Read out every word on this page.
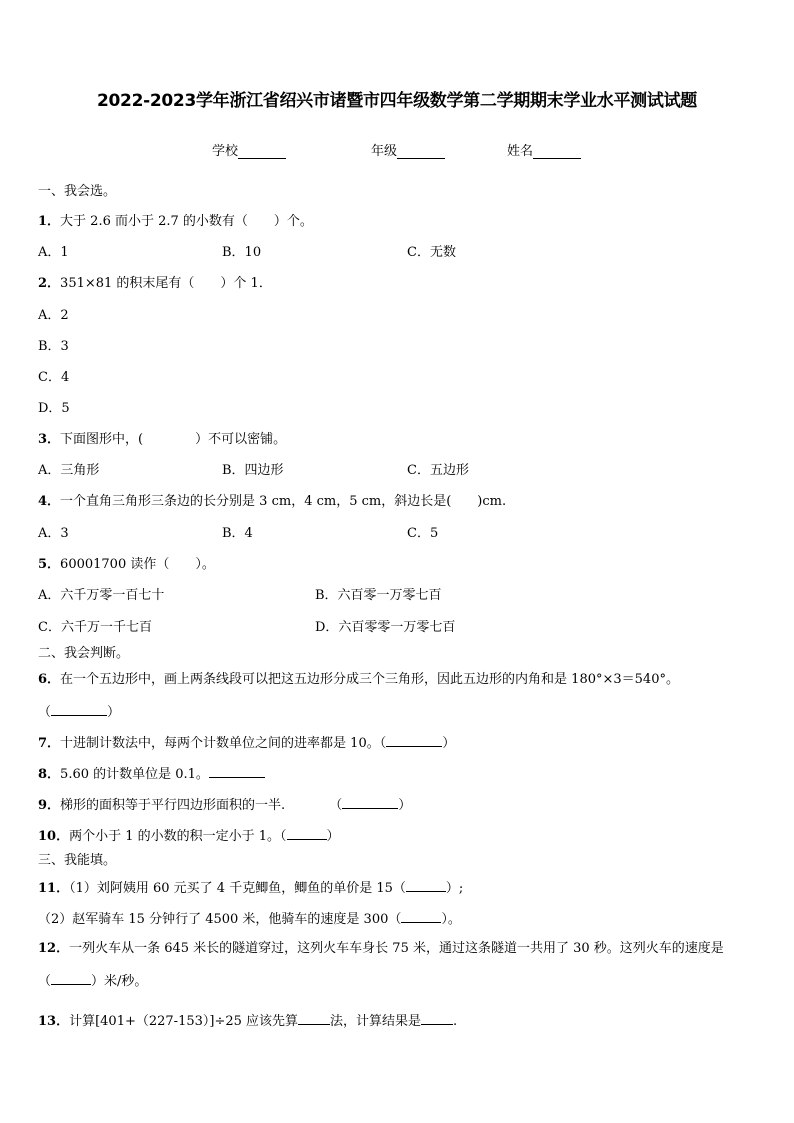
2022-2023学年浙江省绍兴市诸暨市四年级数学第二学期期末学业水平测试试题
学校	年级	姓名
一、我会选。
1．大于 2.6 而小于 2.7 的小数有（　　）个。
A．1	B．10	C．无数
2．351×81 的积末尾有（　　）个 1．
A．2
B．3
C．4
D．5
3．下面图形中，(　　　　）不可以密铺。
A．三角形	B．四边形	C．五边形
4．一个直角三角形三条边的长分别是 3 cm，4 cm，5 cm，斜边长是(　　)cm.
A．3	B．4	C．5
5．60001700 读作（　　）。
A．六千万零一百七十	B．六百零一万零七百
C．六千万一千七百	D．六百零零一万零七百
二、我会判断。
6．在一个五边形中，画上两条线段可以把这五边形分成三个三角形，因此五边形的内角和是 180°×3＝540°。
（	）
7．十进制计数法中，每两个计数单位之间的进率都是 10。（	）
8．5.60 的计数单位是 0.1。
9．梯形的面积等于平行四边形面积的一半.	（	）
10．两个小于 1 的小数的积一定小于 1。（	）
三、我能填。
11．（1）刘阿姨用 60 元买了 4 千克鲫鱼，鲫鱼的单价是 15（	）;
（2）赵军骑车 15 分钟行了 4500 米，他骑车的速度是 300（	）。
12．一列火车从一条 645 米长的隧道穿过，这列火车车身长 75 米，通过这条隧道一共用了 30 秒。这列火车的速度是
（	）米/秒。
13．计算[401+（227-153）]÷25 应该先算 法，计算结果是 .
